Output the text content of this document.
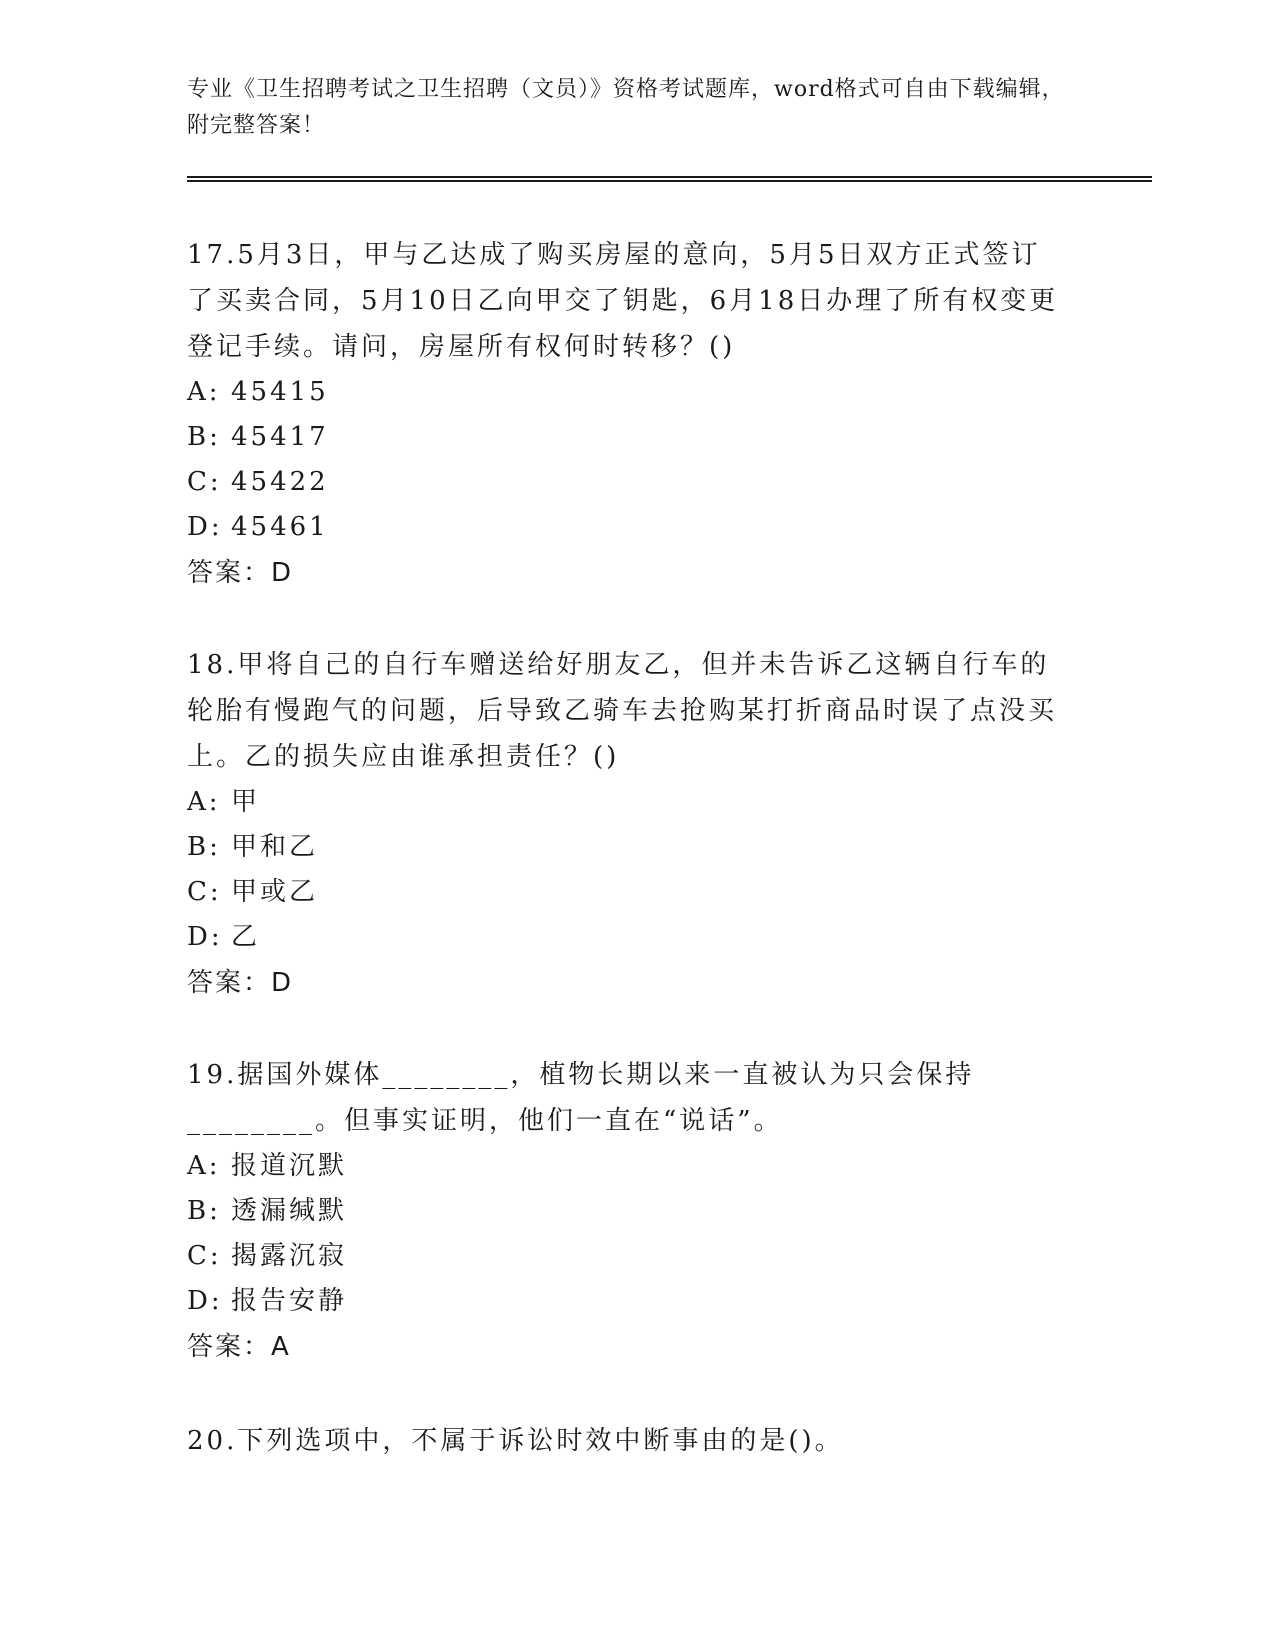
专业《卫生招聘考试之卫生招聘（文员）》资格考试题库，word格式可自由下载编辑，附完整答案！
17.5月3日，甲与乙达成了购买房屋的意向，5月5日双方正式签订了买卖合同，5月10日乙向甲交了钥匙，6月18日办理了所有权变更登记手续。请问，房屋所有权何时转移？()
A: 45415
B: 45417
C: 45422
D: 45461
答案：D
18.甲将自己的自行车赠送给好朋友乙，但并未告诉乙这辆自行车的轮胎有慢跑气的问题，后导致乙骑车去抢购某打折商品时误了点没买上。乙的损失应由谁承担责任？()
A: 甲
B: 甲和乙
C: 甲或乙
D: 乙
答案：D
19.据国外媒体________，植物长期以来一直被认为只会保持________。但事实证明，他们一直在“说话”。
A: 报道沉默
B: 透漏缄默
C: 揭露沉寂
D: 报告安静
答案：A
20.下列选项中，不属于诉讼时效中断事由的是()。
